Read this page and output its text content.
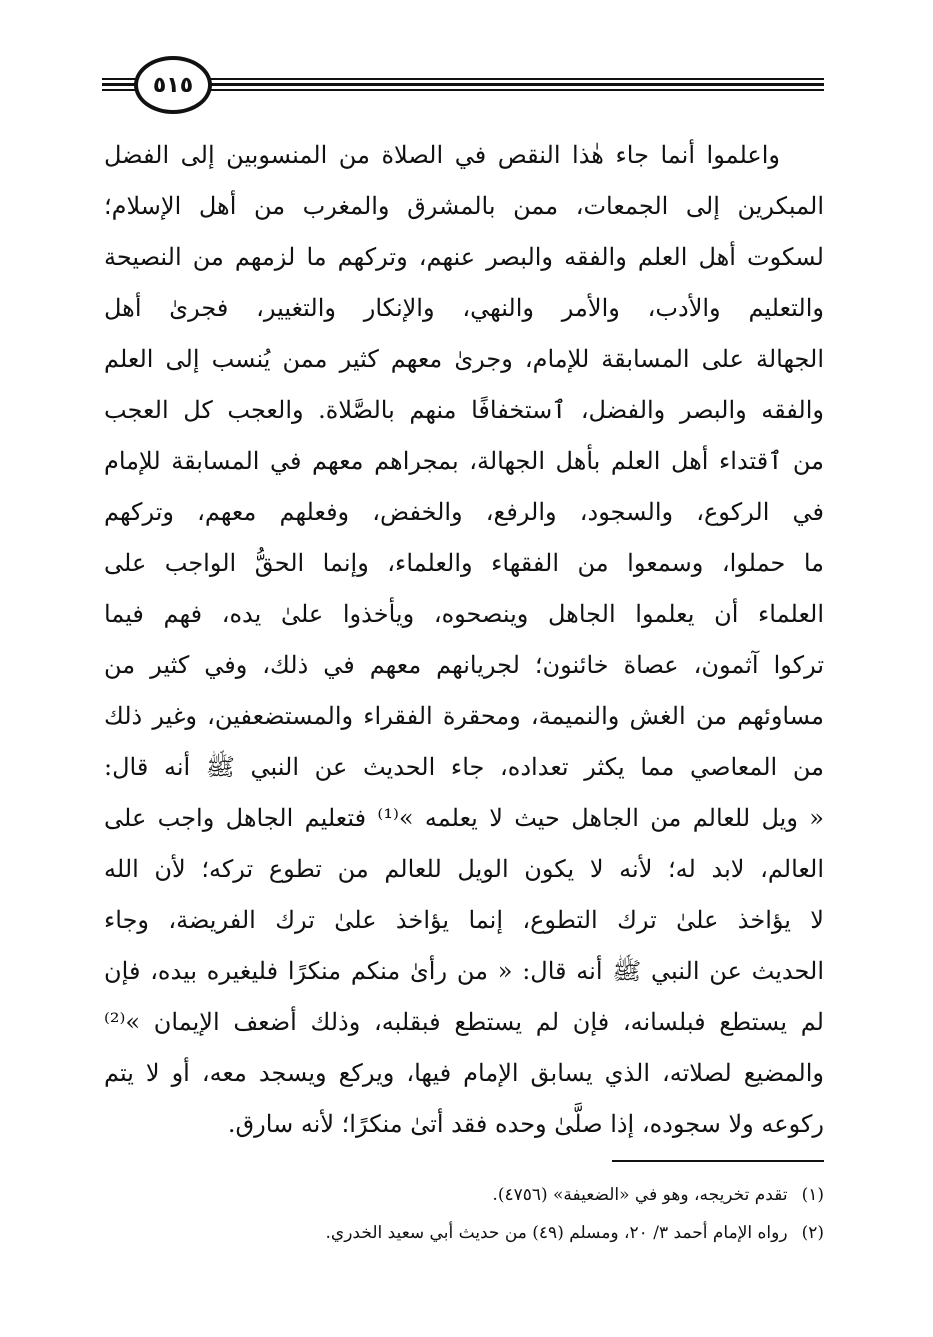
٥١٥
واعلموا أنما جاء هٰذا النقص في الصلاة من المنسوبين إلى الفضل
المبكرين إلى الجمعات، ممن بالمشرق والمغرب من أهل الإسلام؛
لسكوت أهل العلم والفقه والبصر عنهم، وتركهم ما لزمهم من النصيحة
والتعليم والأدب، والأمر والنهي، والإنكار والتغيير، فجرىٰ أهل
الجهالة على المسابقة للإمام، وجرىٰ معهم كثير ممن يُنسب إلى العلم
والفقه والبصر والفضل، ٱستخفافًا منهم بالصَّلاة. والعجب كل العجب
من ٱقتداء أهل العلم بأهل الجهالة، بمجراهم معهم في المسابقة للإمام
في الركوع، والسجود، والرفع، والخفض، وفعلهم معهم، وتركهم
ما حملوا، وسمعوا من الفقهاء والعلماء، وإنما الحقُّ الواجب على
العلماء أن يعلموا الجاهل وينصحوه، ويأخذوا علىٰ يده، فهم فيما
تركوا آثمون، عصاة خائنون؛ لجريانهم معهم في ذلك، وفي كثير من
مساوئهم من الغش والنميمة، ومحقرة الفقراء والمستضعفين، وغير ذلك
من المعاصي مما يكثر تعداده، جاء الحديث عن النبي ﷺ أنه قال:
« ويل للعالم من الجاهل حيث لا يعلمه »⁽¹⁾ فتعليم الجاهل واجب على
العالم، لابد له؛ لأنه لا يكون الويل للعالم من تطوع تركه؛ لأن الله
لا يؤاخذ علىٰ ترك التطوع، إنما يؤاخذ علىٰ ترك الفريضة، وجاء
الحديث عن النبي ﷺ أنه قال: « من رأىٰ منكم منكرًا فليغيره بيده، فإن
لم يستطع فبلسانه، فإن لم يستطع فبقلبه، وذلك أضعف الإيمان »⁽²⁾
والمضيع لصلاته، الذي يسابق الإمام فيها، ويركع ويسجد معه، أو لا يتم
ركوعه ولا سجوده، إذا صلَّىٰ وحده فقد أتىٰ منكرًا؛ لأنه سارق.
(١)تقدم تخريجه، وهو في «الضعيفة» (٤٧٥٦).
(٢)رواه الإمام أحمد ٣/ ٢٠، ومسلم (٤٩) من حديث أبي سعيد الخدري.
